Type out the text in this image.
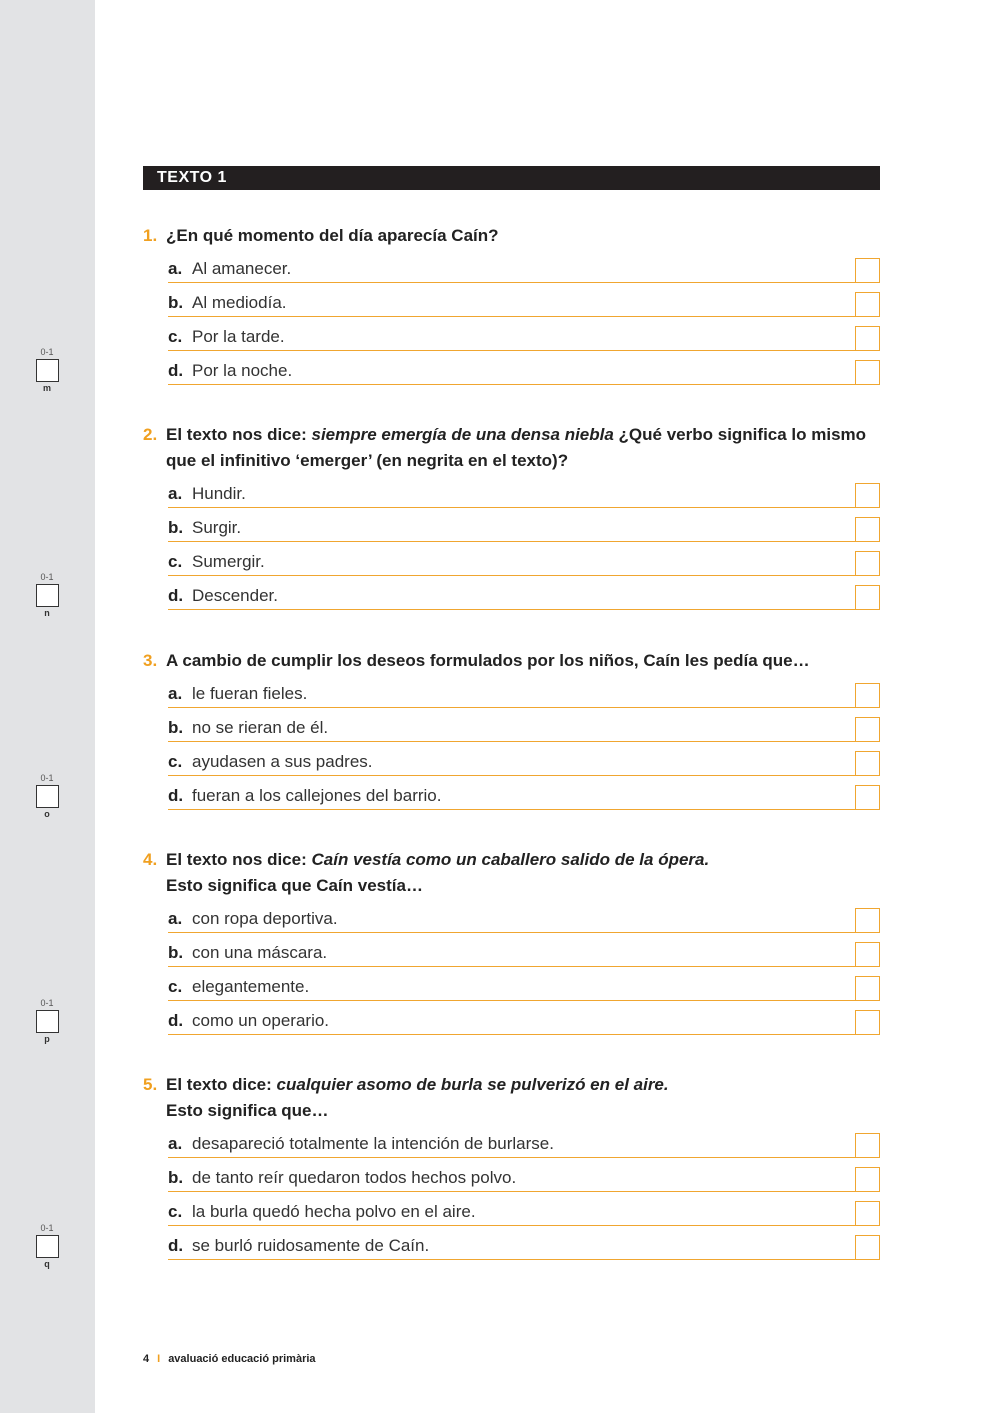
0-1
m
0-1
n
0-1
o
0-1
p
0-1
q
TEXTO 1
1. ¿En qué momento del día aparecía Caín?
a. Al amanecer.
b. Al mediodía.
c. Por la tarde.
d. Por la noche.
2. El texto nos dice: siempre emergía de una densa niebla ¿Qué verbo significa lo mismo que el infinitivo ‘emerger’ (en negrita en el texto)?
a. Hundir.
b. Surgir.
c. Sumergir.
d. Descender.
3. A cambio de cumplir los deseos formulados por los niños, Caín les pedía que…
a. le fueran fieles.
b. no se rieran de él.
c. ayudasen a sus padres.
d. fueran a los callejones del barrio.
4. El texto nos dice: Caín vestía como un caballero salido de la ópera.
Esto significa que Caín vestía…
a. con ropa deportiva.
b. con una máscara.
c. elegantemente.
d. como un operario.
5. El texto dice: cualquier asomo de burla se pulverizó en el aire.
Esto significa que…
a. desapareció totalmente la intención de burlarse.
b. de tanto reír quedaron todos hechos polvo.
c. la burla quedó hecha polvo en el aire.
d. se burló ruidosamente de Caín.
4 I avaluació educació primària
